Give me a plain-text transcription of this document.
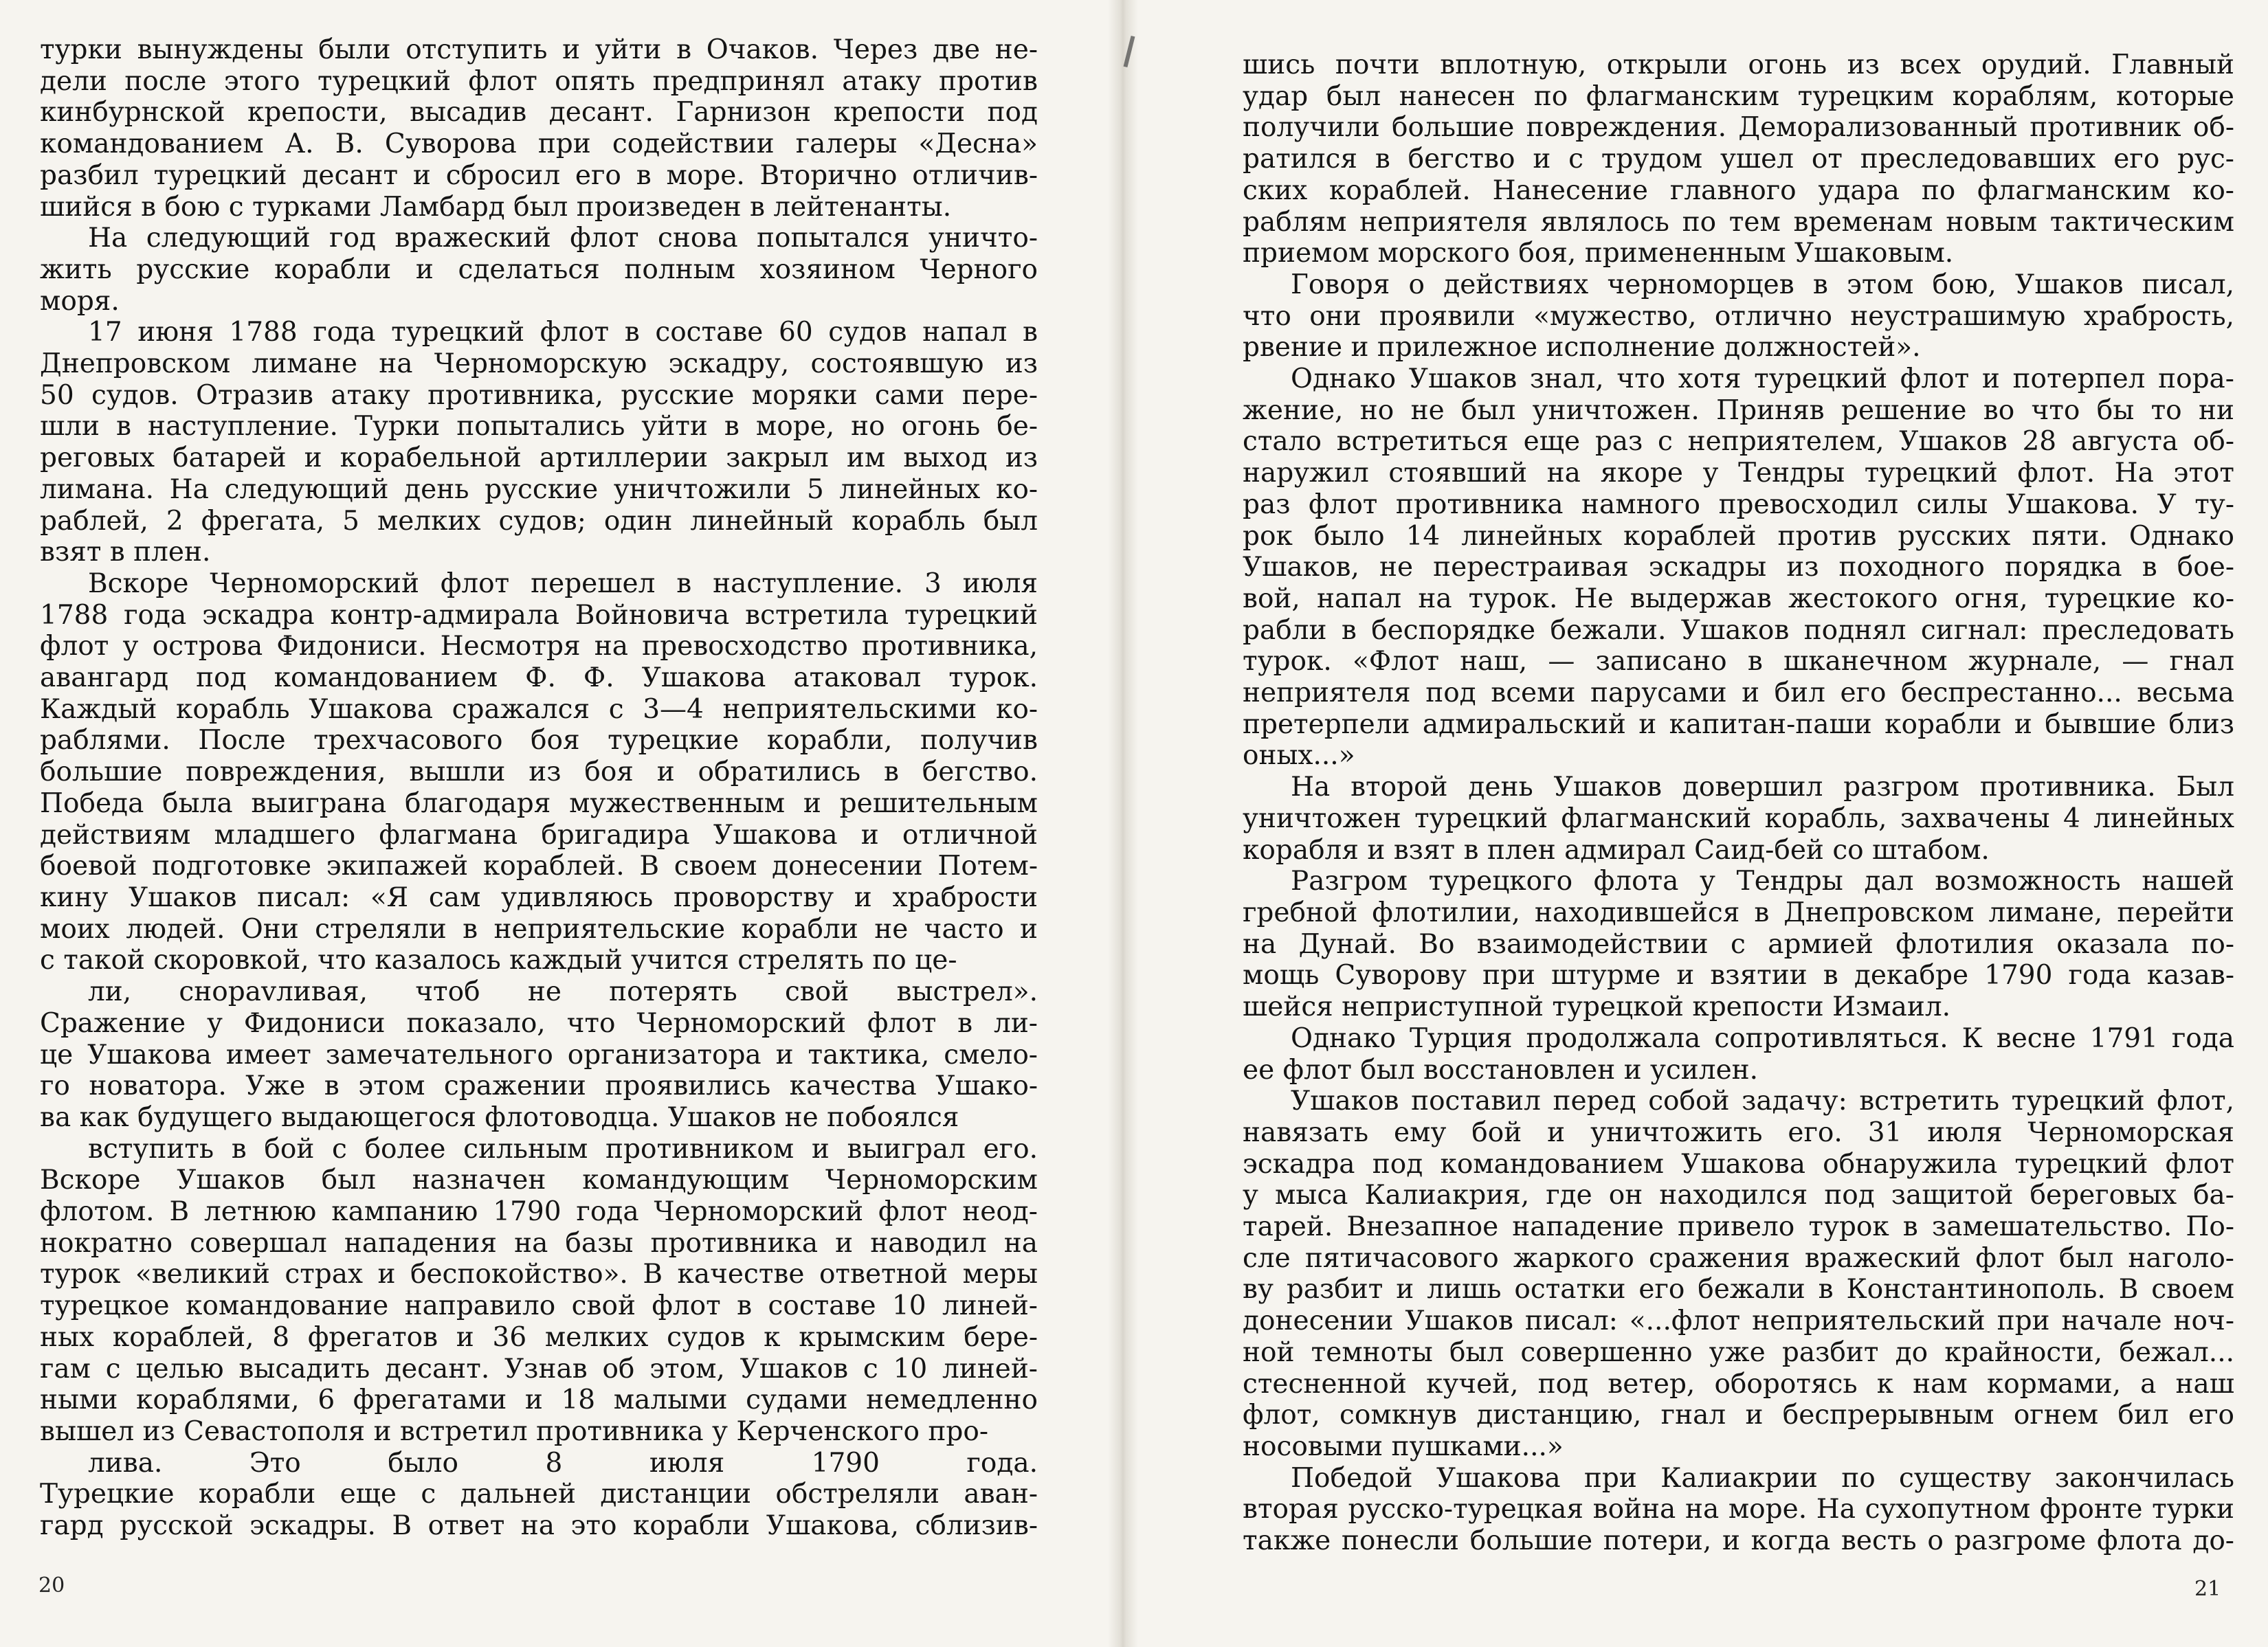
турки вынуждены были отступить и уйти в Очаков. Через две не-
дели после этого турецкий флот опять предпринял атаку против
кинбурнской крепости, высадив десант. Гарнизон крепости под
командованием А. В. Суворова при содействии галеры «Десна»
разбил турецкий десант и сбросил его в море. Вторично отличив-
шийся в бою с турками Ламбард был произведен в лейтенанты.
На следующий год вражеский флот снова попытался уничто-
жить русские корабли и сделаться полным хозяином Черного
моря.
17 июня 1788 года турецкий флот в составе 60 судов напал в
Днепровском лимане на Черноморскую эскадру, состоявшую из
50 судов. Отразив атаку противника, русские моряки сами пере-
шли в наступление. Турки попытались уйти в море, но огонь бе-
реговых батарей и корабельной артиллерии закрыл им выход из
лимана. На следующий день русские уничтожили 5 линейных ко-
раблей, 2 фрегата, 5 мелких судов; один линейный корабль был
взят в плен.
Вскоре Черноморский флот перешел в наступление. 3 июля
1788 года эскадра контр-адмирала Войновича встретила турецкий
флот у острова Фидониси. Несмотря на превосходство противника,
авангард под командованием Ф. Ф. Ушакова атаковал турок.
Каждый корабль Ушакова сражался с 3—4 неприятельскими ко-
раблями. После трехчасового боя турецкие корабли, получив
большие повреждения, вышли из боя и обратились в бегство.
Победа была выиграна благодаря мужественным и решительным
действиям младшего флагмана бригадира Ушакова и отличной
боевой подготовке экипажей кораблей. В своем донесении Потем-
кину Ушаков писал: «Я сам удивляюсь проворству и храбрости
моих людей. Они стреляли в неприятельские корабли не часто и
с такой скоровкой, что казалось каждый учится стрелять по це-
ли, снорavливая, чтоб не потерять свой выстрел».
Сражение у Фидониси показало, что Черноморский флот в ли-
це Ушакова имеет замечательного организатора и тактика, смело-
го новатора. Уже в этом сражении проявились качества Ушако-
ва как будущего выдающегося флотоводца. Ушаков не побоялся
вступить в бой с более сильным противником и выиграл его.
Вскоре Ушаков был назначен командующим Черноморским
флотом. В летнюю кампанию 1790 года Черноморский флот неод-
нократно совершал нападения на базы противника и наводил на
турок «великий страх и беспокойство». В качестве ответной меры
турецкое командование направило свой флот в составе 10 линей-
ных кораблей, 8 фрегатов и 36 мелких судов к крымским бере-
гам с целью высадить десант. Узнав об этом, Ушаков с 10 линей-
ными кораблями, 6 фрегатами и 18 малыми судами немедленно
вышел из Севастополя и встретил противника у Керченского про-
лива. Это было 8 июля 1790 года.
Турецкие корабли еще с дальней дистанции обстреляли аван-
гард русской эскадры. В ответ на это корабли Ушакова, сблизив-
20
шись почти вплотную, открыли огонь из всех орудий. Главный
удар был нанесен по флагманским турецким кораблям, которые
получили большие повреждения. Деморализованный противник об-
ратился в бегство и с трудом ушел от преследовавших его рус-
ских кораблей. Нанесение главного удара по флагманским ко-
раблям неприятеля являлось по тем временам новым тактическим
приемом морского боя, примененным Ушаковым.
Говоря о действиях черноморцев в этом бою, Ушаков писал,
что они проявили «мужество, отлично неустрашимую храбрость,
рвение и прилежное исполнение должностей».
Однако Ушаков знал, что хотя турецкий флот и потерпел пора-
жение, но не был уничтожен. Приняв решение во что бы то ни
стало встретиться еще раз с неприятелем, Ушаков 28 августа об-
наружил стоявший на якоре у Тендры турецкий флот. На этот
раз флот противника намного превосходил силы Ушакова. У ту-
рок было 14 линейных кораблей против русских пяти. Однако
Ушаков, не перестраивая эскадры из походного порядка в бое-
вой, напал на турок. Не выдержав жестокого огня, турецкие ко-
рабли в беспорядке бежали. Ушаков поднял сигнал: преследовать
турок. «Флот наш, — записано в шканечном журнале, — гнал
неприятеля под всеми парусами и бил его беспрестанно... весьма
претерпели адмиральский и капитан-паши корабли и бывшие близ
оных...»
На второй день Ушаков довершил разгром противника. Был
уничтожен турецкий флагманский корабль, захвачены 4 линейных
корабля и взят в плен адмирал Саид-бей со штабом.
Разгром турецкого флота у Тендры дал возможность нашей
гребной флотилии, находившейся в Днепровском лимане, перейти
на Дунай. Во взаимодействии с армией флотилия оказала по-
мощь Суворову при штурме и взятии в декабре 1790 года казав-
шейся неприступной турецкой крепости Измаил.
Однако Турция продолжала сопротивляться. К весне 1791 года
ее флот был восстановлен и усилен.
Ушаков поставил перед собой задачу: встретить турецкий флот,
навязать ему бой и уничтожить его. 31 июля Черноморская
эскадра под командованием Ушакова обнаружила турецкий флот
у мыса Калиакрия, где он находился под защитой береговых ба-
тарей. Внезапное нападение привело турок в замешательство. По-
сле пятичасового жаркого сражения вражеский флот был наголо-
ву разбит и лишь остатки его бежали в Константинополь. В своем
донесении Ушаков писал: «...флот неприятельский при начале ноч-
ной темноты был совершенно уже разбит до крайности, бежал...
стесненной кучей, под ветер, оборотясь к нам кормами, а наш
флот, сомкнув дистанцию, гнал и беспрерывным огнем бил его
носовыми пушками...»
Победой Ушакова при Калиакрии по существу закончилась
вторая русско-турецкая война на море. На сухопутном фронте турки
также понесли большие потери, и когда весть о разгроме флота до-
21
